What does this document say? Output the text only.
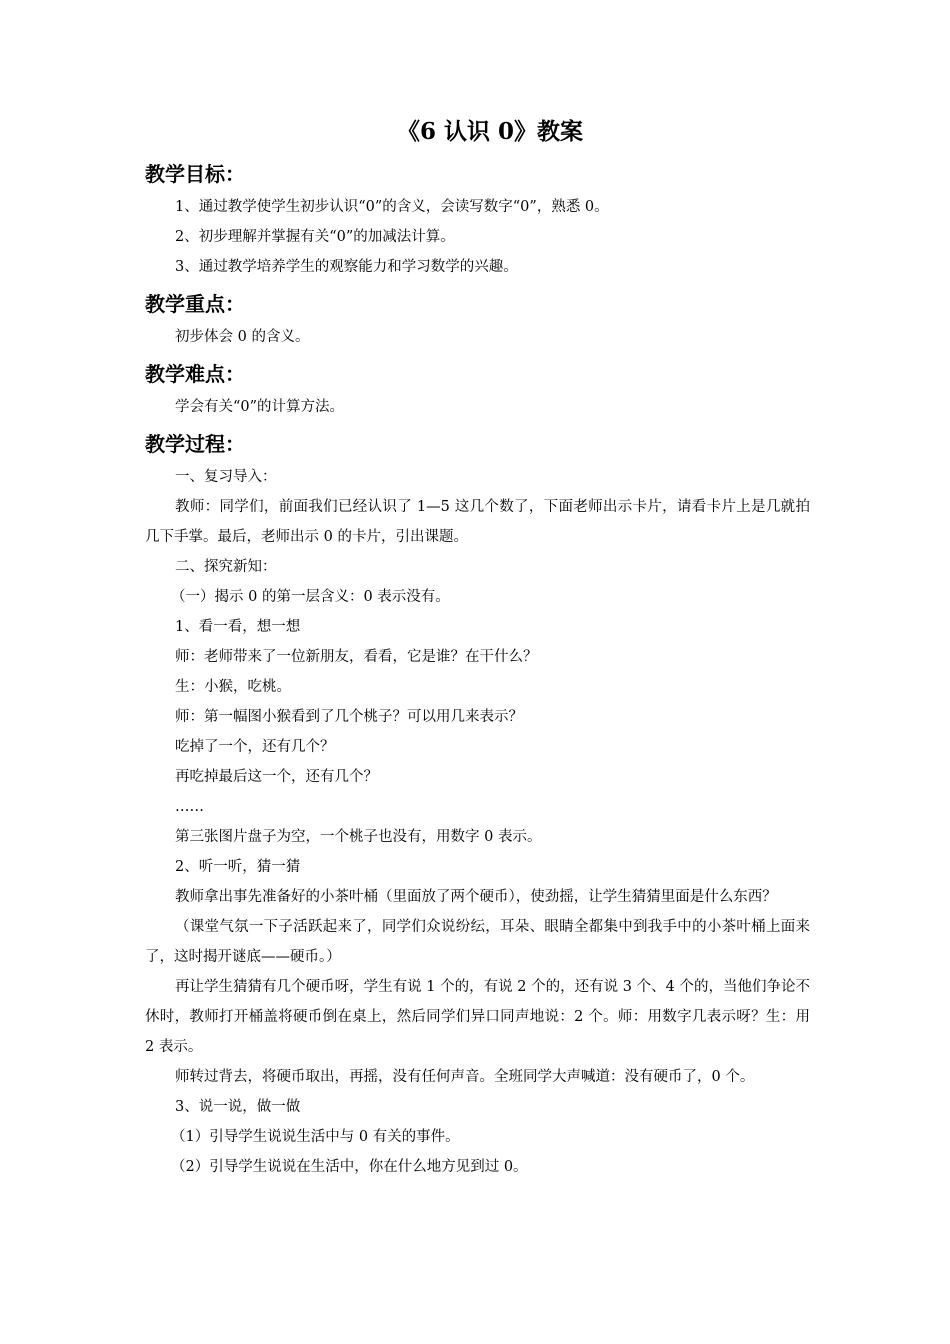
《6 认识 0》教案
教学目标：

1、通过教学使学生初步认识“0”的含义，会读写数字“0”，熟悉 0。

2、初步理解并掌握有关“0”的加减法计算。

3、通过教学培养学生的观察能力和学习数学的兴趣。

教学重点：

初步体会 0 的含义。

教学难点：

学会有关“0”的计算方法。

教学过程：

一、复习导入：

教师：同学们，前面我们已经认识了 1—5 这几个数了，下面老师出示卡片，请看卡片上是几就拍几下手掌。最后，老师出示 0 的卡片，引出课题。

二、探究新知：

（一）揭示 0 的第一层含义：0 表示没有。

1、看一看，想一想

师：老师带来了一位新朋友，看看，它是谁？在干什么？

生：小猴，吃桃。

师：第一幅图小猴看到了几个桃子？可以用几来表示？

吃掉了一个，还有几个？

再吃掉最后这一个，还有几个？

……

第三张图片盘子为空，一个桃子也没有，用数字 0 表示。

2、听一听，猜一猜

教师拿出事先准备好的小茶叶桶（里面放了两个硬币），使劲摇，让学生猜猜里面是什么东西？

（课堂气氛一下子活跃起来了，同学们众说纷纭，耳朵、眼睛全都集中到我手中的小茶叶桶上面来了，这时揭开谜底——硬币。）

再让学生猜猜有几个硬币呀，学生有说 1 个的，有说 2 个的，还有说 3 个、4 个的，当他们争论不休时，教师打开桶盖将硬币倒在桌上，然后同学们异口同声地说：2 个。师：用数字几表示呀？生：用 2 表示。

师转过背去，将硬币取出，再摇，没有任何声音。全班同学大声喊道：没有硬币了，0 个。

3、说一说，做一做

（1）引导学生说说生活中与 0 有关的事件。

（2）引导学生说说在生活中，你在什么地方见到过 0。
